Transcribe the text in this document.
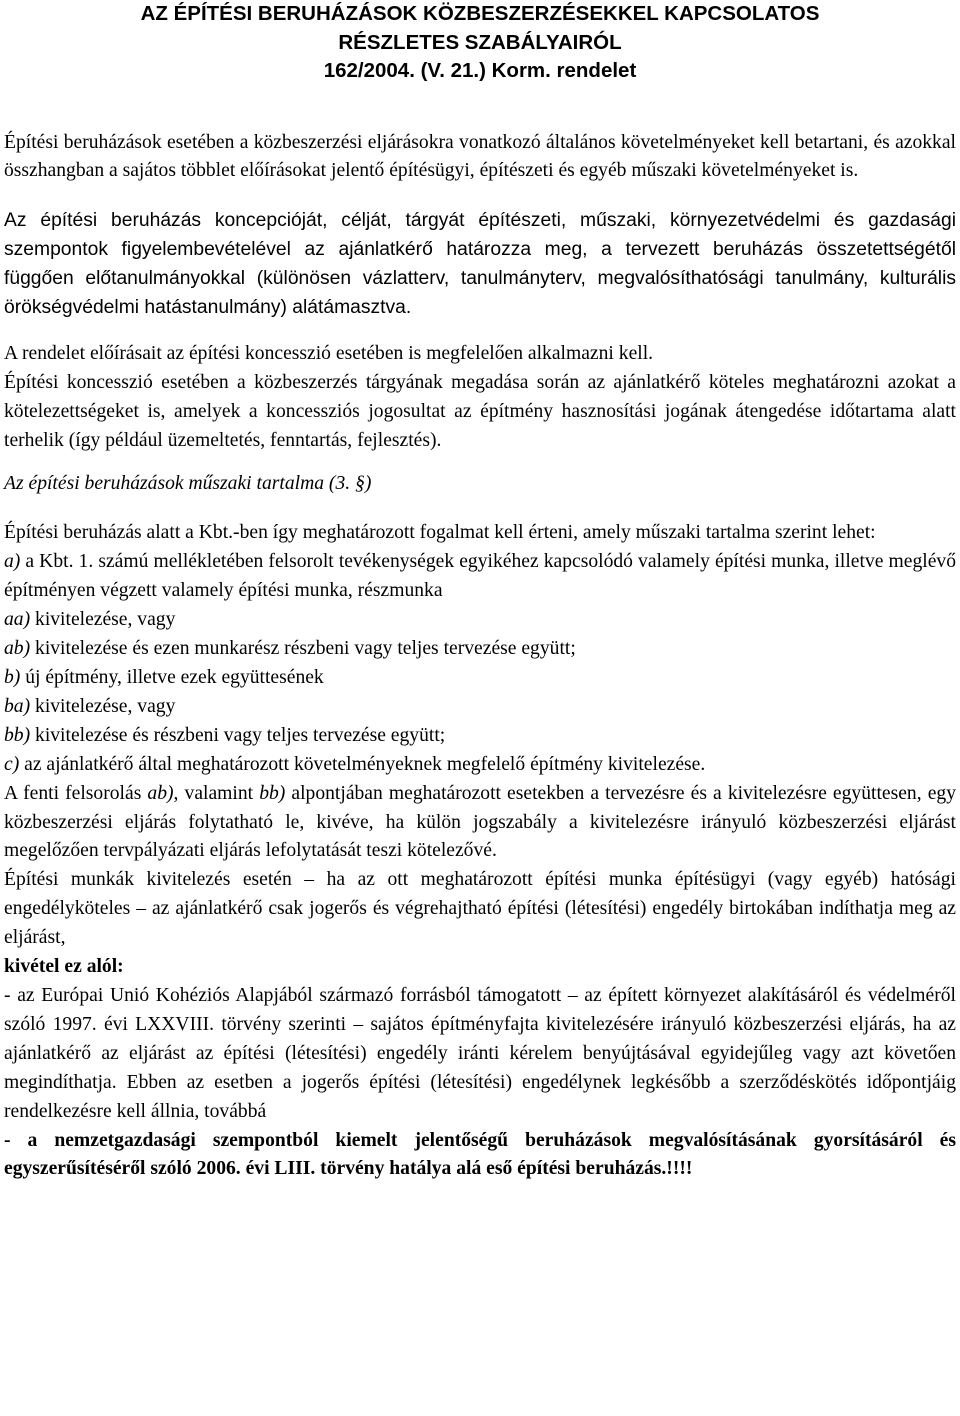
AZ ÉPÍTÉSI BERUHÁZÁSOK KÖZBESZERZÉSEKKEL KAPCSOLATOS
RÉSZLETES SZABÁLYAIRÓL
162/2004. (V. 21.) Korm. rendelet

Építési beruházások esetében a közbeszerzési eljárásokra vonatkozó általános követelményeket kell betartani, és azokkal összhangban a sajátos többlet előírásokat jelentő építésügyi, építészeti és egyéb műszaki követelményeket is.

Az építési beruházás koncepcióját, célját, tárgyát építészeti, műszaki, környezetvédelmi és gazdasági szempontok figyelembevételével az ajánlatkérő határozza meg, a tervezett beruházás összetettségétől függően előtanulmányokkal (különösen vázlatterv, tanulmányterv, megvalósíthatósági tanulmány, kulturális örökségvédelmi hatástanulmány) alátámasztva.

A rendelet előírásait az építési koncesszió esetében is megfelelően alkalmazni kell.

Építési koncesszió esetében a közbeszerzés tárgyának megadása során az ajánlatkérő köteles meghatározni azokat a kötelezettségeket is, amelyek a koncessziós jogosultat az építmény hasznosítási jogának átengedése időtartama alatt terhelik (így például üzemeltetés, fenntartás, fejlesztés).

Az építési beruházások műszaki tartalma (3. §)

Építési beruházás alatt a Kbt.-ben így meghatározott fogalmat kell érteni, amely műszaki tartalma szerint lehet:

a) a Kbt. 1. számú mellékletében felsorolt tevékenységek egyikéhez kapcsolódó valamely építési munka, illetve meglévő építményen végzett valamely építési munka, részmunka

aa) kivitelezése, vagy

ab) kivitelezése és ezen munkarész részbeni vagy teljes tervezése együtt;

b) új építmény, illetve ezek együttesének

ba) kivitelezése, vagy

bb) kivitelezése és részbeni vagy teljes tervezése együtt;

c) az ajánlatkérő által meghatározott követelményeknek megfelelő építmény kivitelezése.

A fenti felsorolás ab), valamint bb) alpontjában meghatározott esetekben a tervezésre és a kivitelezésre együttesen, egy közbeszerzési eljárás folytatható le, kivéve, ha külön jogszabály a kivitelezésre irányuló közbeszerzési eljárást megelőzően tervpályázati eljárás lefolytatását teszi kötelezővé.

Építési munkák kivitelezés esetén – ha az ott meghatározott építési munka építésügyi (vagy egyéb) hatósági engedélyköteles – az ajánlatkérő csak jogerős és végrehajtható építési (létesítési) engedély birtokában indíthatja meg az eljárást,

kivétel ez alól:

- az Európai Unió Kohéziós Alapjából származó forrásból támogatott – az épített környezet alakításáról és védelméről szóló 1997. évi LXXVIII. törvény szerinti – sajátos építményfajta kivitelezésére irányuló közbeszerzési eljárás, ha az ajánlatkérő az eljárást az építési (létesítési) engedély iránti kérelem benyújtásával egyidejűleg vagy azt követően megindíthatja. Ebben az esetben a jogerős építési (létesítési) engedélynek legkésőbb a szerződéskötés időpontjáig rendelkezésre kell állnia, továbbá

- a nemzetgazdasági szempontból kiemelt jelentőségű beruházások megvalósításának gyorsításáról és egyszerűsítéséről szóló 2006. évi LIII. törvény hatálya alá eső építési beruházás.!!!!
